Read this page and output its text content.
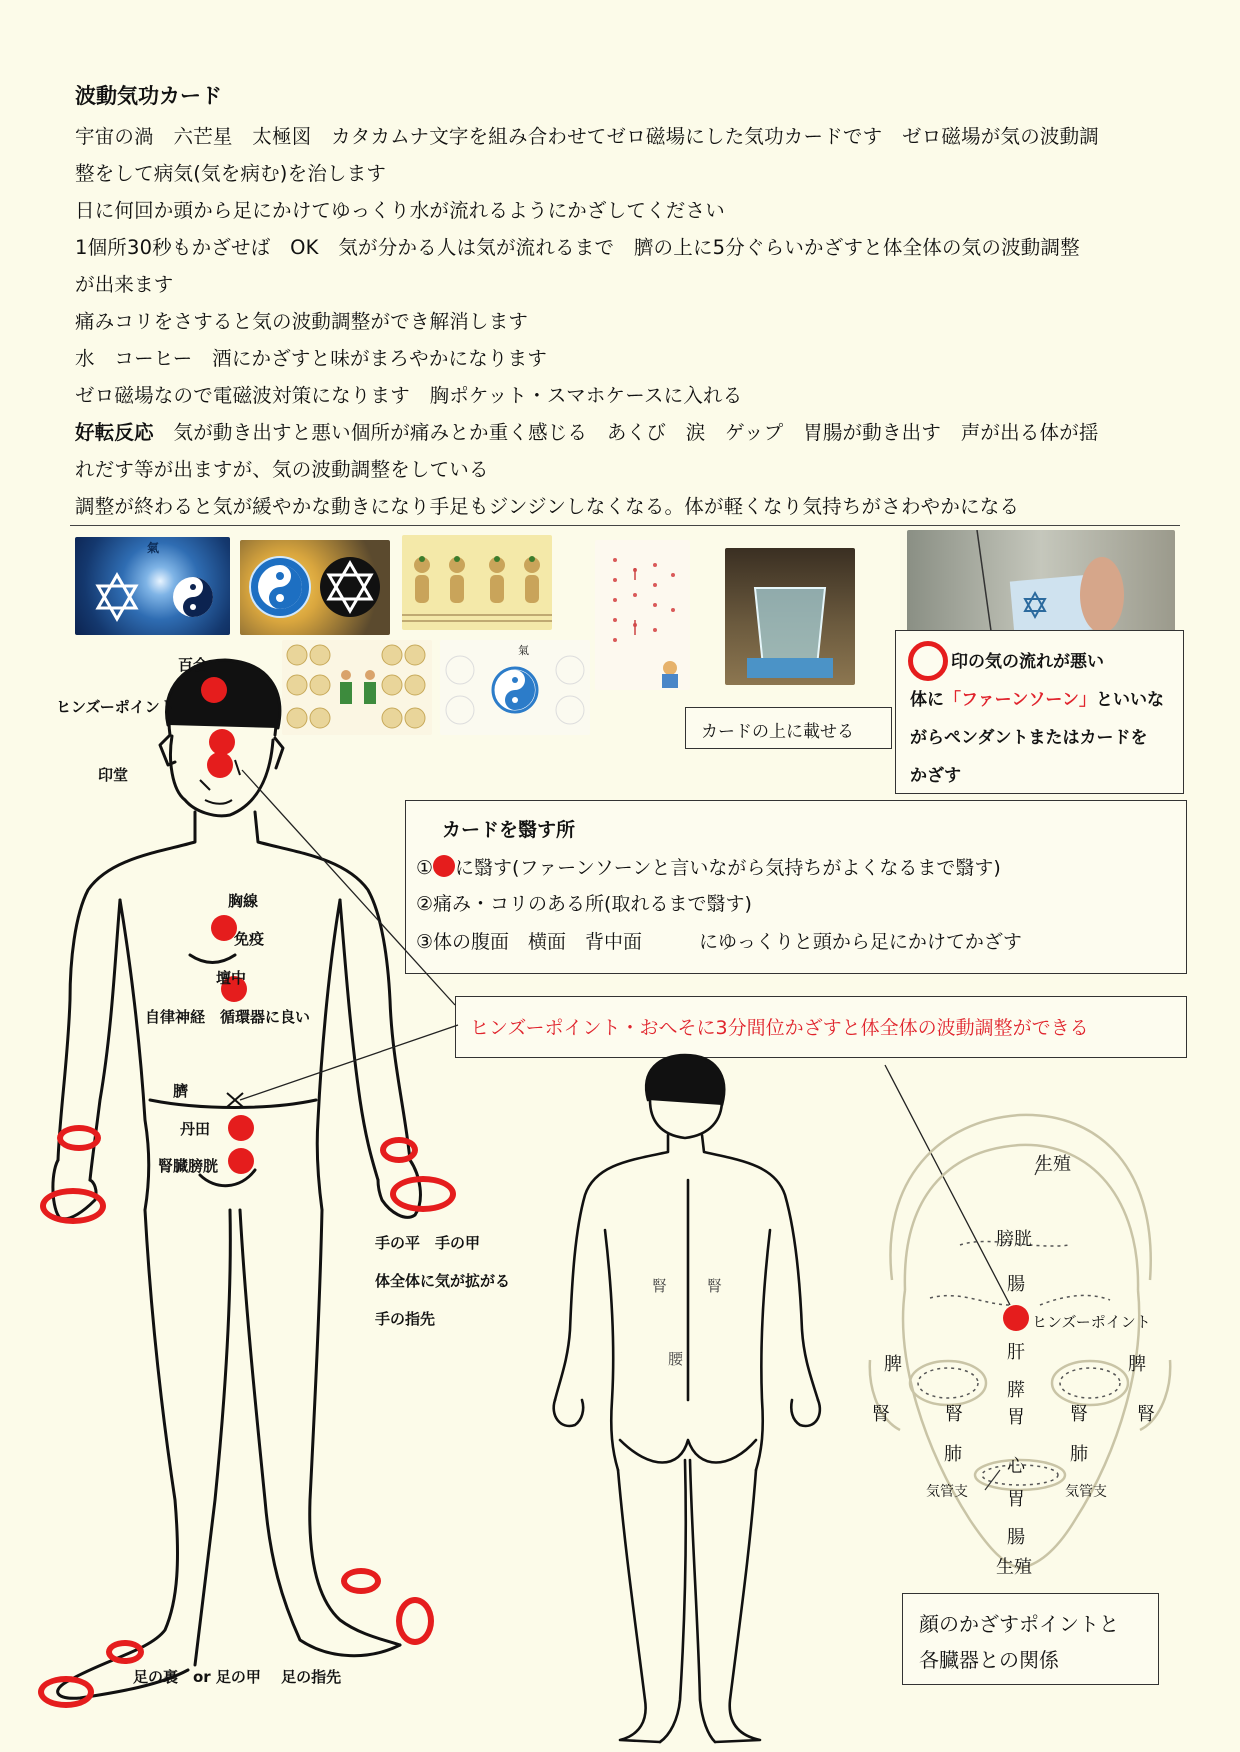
波動気功カード
宇宙の渦　六芒星　太極図　カタカムナ文字を組み合わせてゼロ磁場にした気功カードです　ゼロ磁場が気の波動調
整をして病気(気を病む)を治します
日に何回か頭から足にかけてゆっくり水が流れるようにかざしてください
1個所30秒もかざせば　OK　気が分かる人は気が流れるまで　臍の上に5分ぐらいかざすと体全体の気の波動調整
が出来ます
痛みコリをさすると気の波動調整ができ解消します
水　コーヒー　酒にかざすと味がまろやかになります
ゼロ磁場なので電磁波対策になります　胸ポケット・スマホケースに入れる
好転反応　気が動き出すと悪い個所が痛みとか重く感じる　あくび　涙　ゲップ　胃腸が動き出す　声が出る体が揺
れだす等が出ますが、気の波動調整をしている
調整が終わると気が緩やかな動きになり手足もジンジンしなくなる。体が軽くなり気持ちがさわやかになる
氣
氣
カードの上に載せる
印の気の流れが悪い
体に「ファーンソーン」といいな
がらペンダントまたはカードを
かざす
カードを翳す所
① に翳す(ファーンソーンと言いながら気持ちがよくなるまで翳す)
②痛み・コリのある所(取れるまで翳す)
③体の腹面　横面　背中面　　　にゆっくりと頭から足にかけてかざす
ヒンズーポイント・おへそに3分間位かざすと体全体の波動調整ができる
顔のかざすポイントと
各臓器との関係
百会
ヒンズーポイント
印堂
胸線
免疫
壇中
自律神経　循環器に良い
臍
丹田
腎臓膀胱
手の平　手の甲
体全体に気が拡がる
手の指先
足の裏　or 足の甲　 足の指先
腎	腎
腰
生殖
膀胱
腸
ヒンズーポイント
肝
脾	脾
腎	腎
膵
胃	腎	腎
肺	肺
心
気管支	気管支
胃
腸
生殖
